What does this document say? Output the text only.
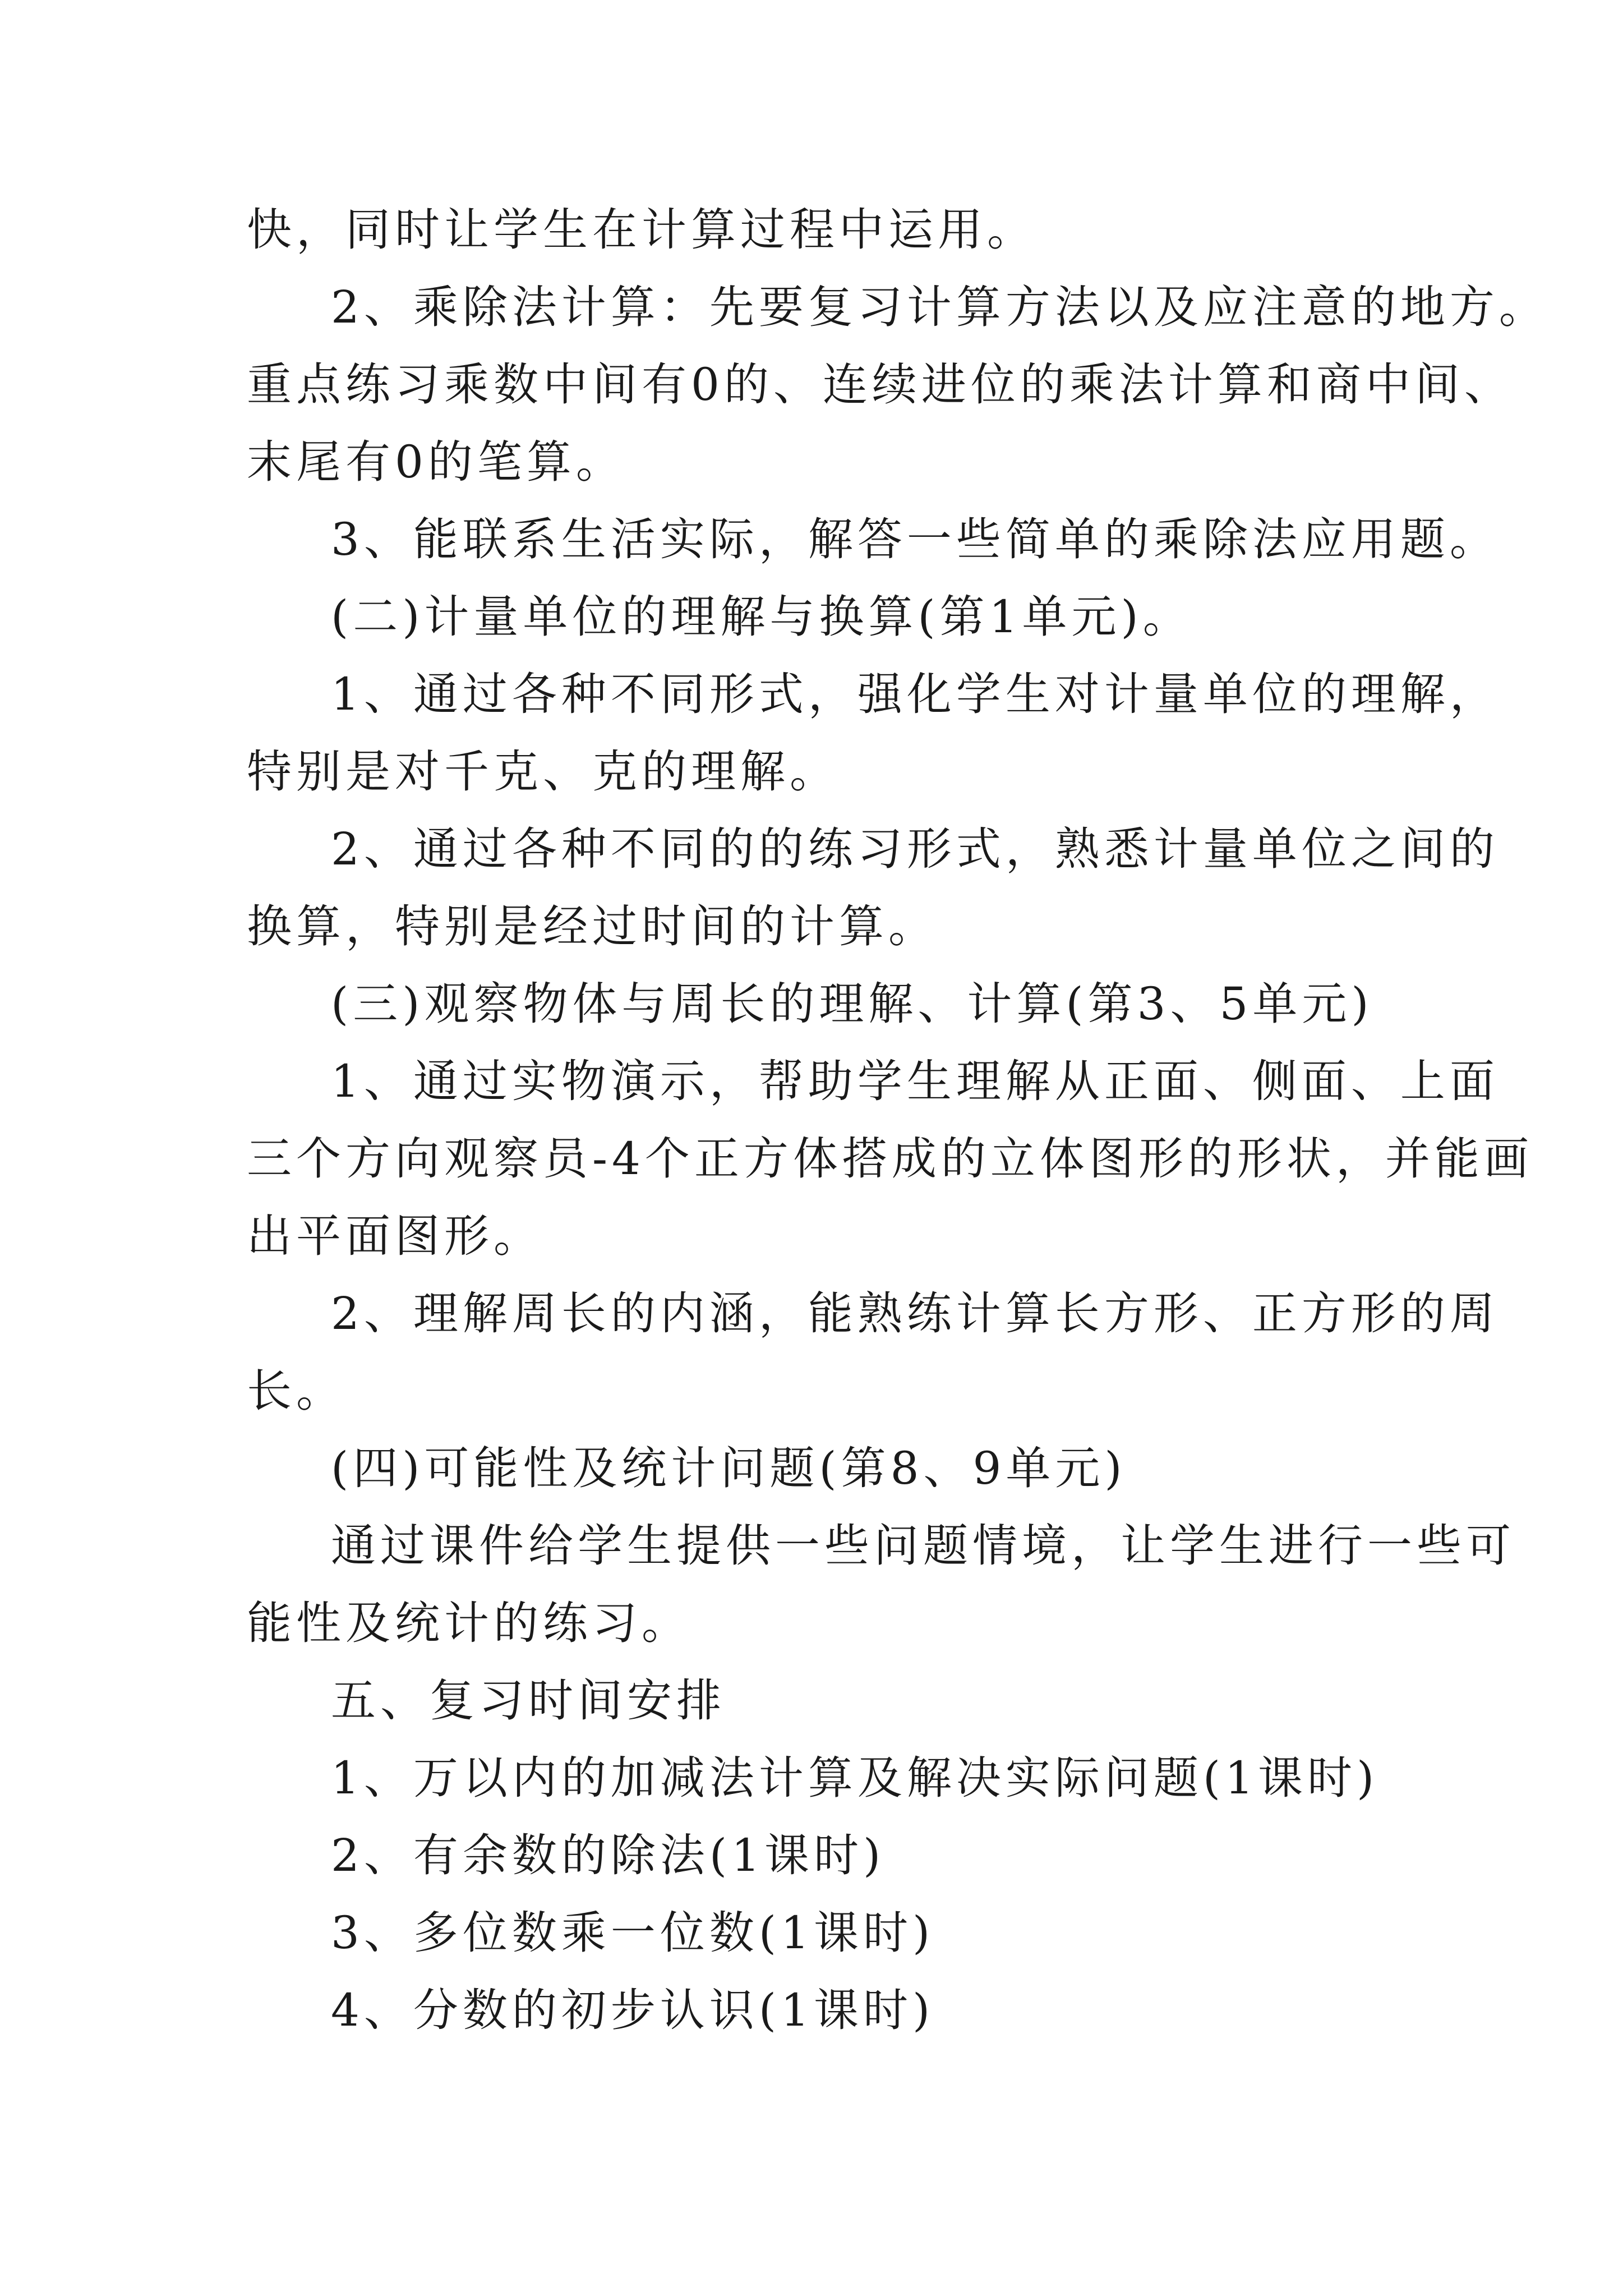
快，同时让学生在计算过程中运用。
2、乘除法计算：先要复习计算方法以及应注意的地方。
重点练习乘数中间有0的、连续进位的乘法计算和商中间、
末尾有0的笔算。
3、能联系生活实际，解答一些简单的乘除法应用题。
(二)计量单位的理解与换算(第1单元)。
1、通过各种不同形式，强化学生对计量单位的理解，
特别是对千克、克的理解。
2、通过各种不同的的练习形式，熟悉计量单位之间的
换算，特别是经过时间的计算。
(三)观察物体与周长的理解、计算(第3、5单元)
1、通过实物演示，帮助学生理解从正面、侧面、上面
三个方向观察员-4个正方体搭成的立体图形的形状，并能画
出平面图形。
2、理解周长的内涵，能熟练计算长方形、正方形的周
长。
(四)可能性及统计问题(第8、9单元)
通过课件给学生提供一些问题情境，让学生进行一些可
能性及统计的练习。
五、复习时间安排
1、万以内的加减法计算及解决实际问题(1课时)
2、有余数的除法(1课时)
3、多位数乘一位数(1课时)
4、分数的初步认识(1课时)
